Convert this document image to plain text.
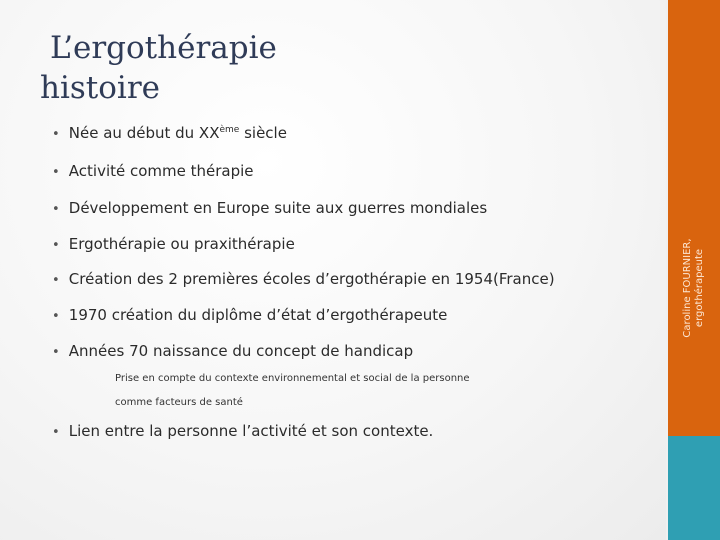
Caroline FOURNIER, ergothérapeute
L’ergothérapie
histoire
• Née au début du XXème siècle
• Activité comme thérapie
• Développement en Europe suite aux guerres mondiales
• Ergothérapie ou praxithérapie
• Création des 2 premières écoles d’ergothérapie en 1954(France)
• 1970 création du diplôme d’état d’ergothérapeute
• Années 70 naissance du concept de handicap
• Lien entre la personne l’activité et son contexte.
Prise en compte du contexte environnemental et social de la personne
comme facteurs de santé
